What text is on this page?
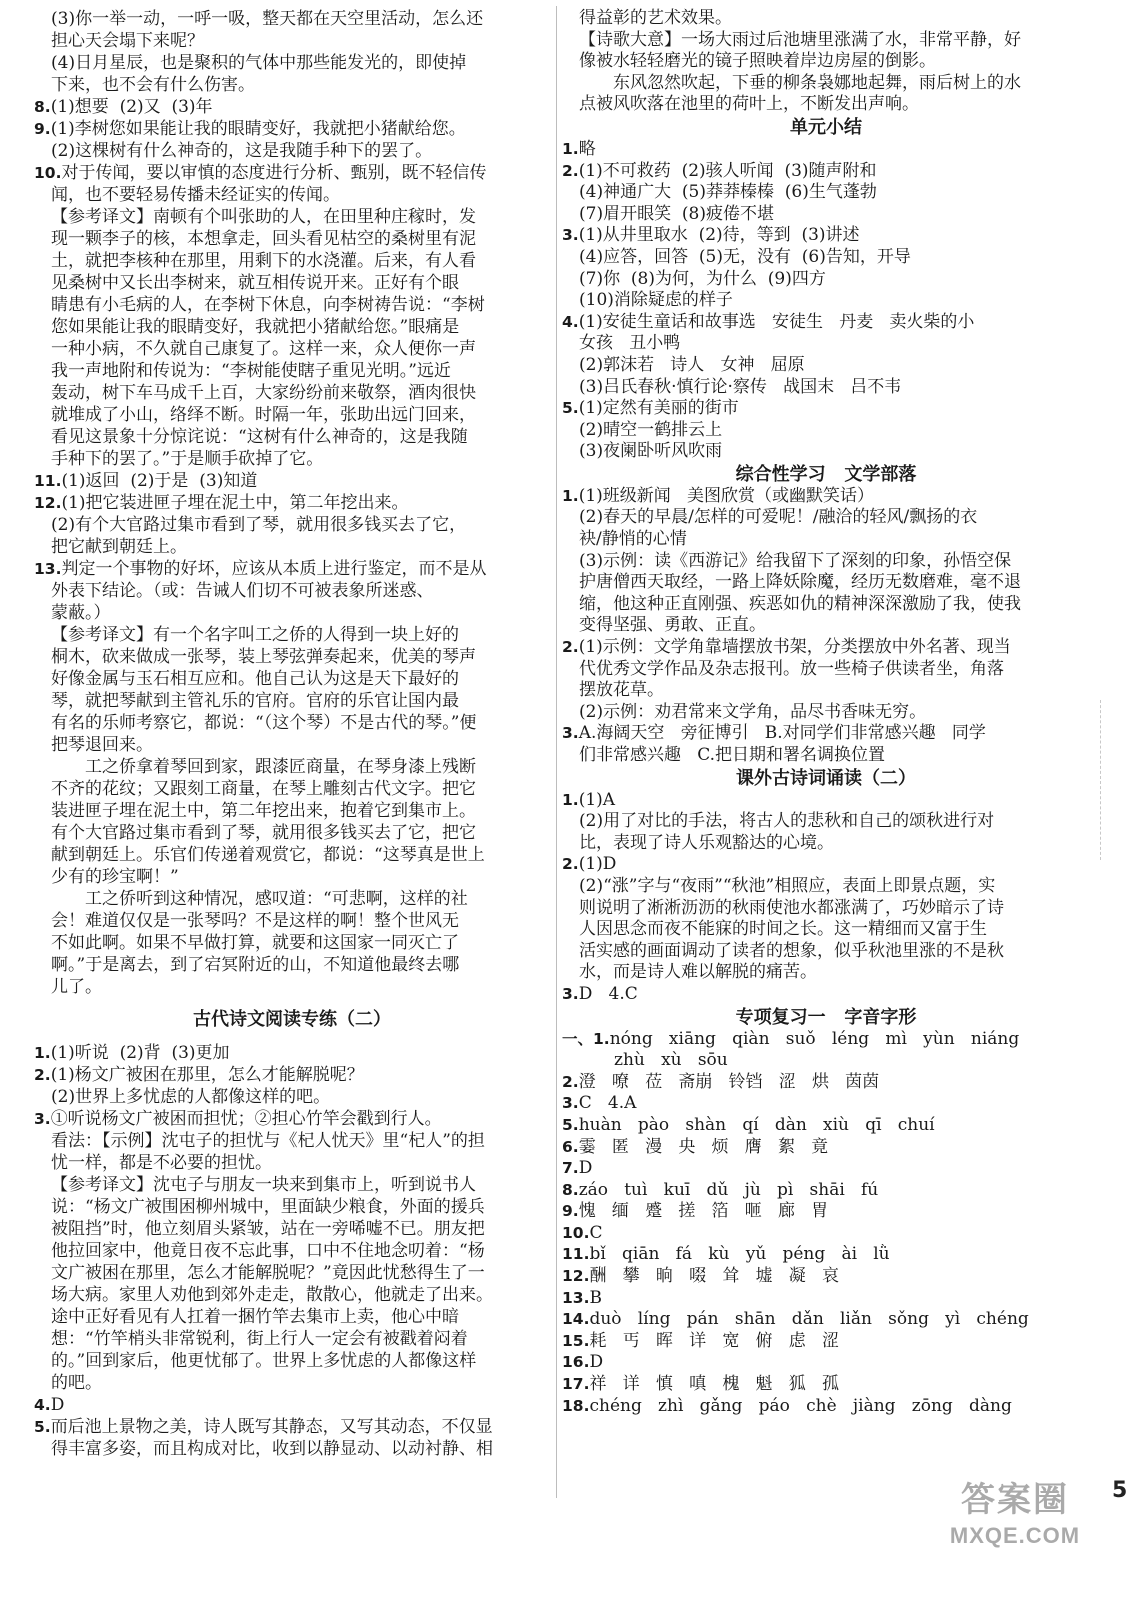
(3)你一举一动，一呼一吸，整天都在天空里活动，怎么还
担心天会塌下来呢？
(4)日月星辰，也是聚积的气体中那些能发光的，即使掉
下来，也不会有什么伤害。
8.(1)想要  (2)又  (3)年
9.(1)李树您如果能让我的眼睛变好，我就把小猪献给您。
(2)这棵树有什么神奇的，这是我随手种下的罢了。
10.对于传闻，要以审慎的态度进行分析、甄别，既不轻信传
闻，也不要轻易传播未经证实的传闻。
【参考译文】南顿有个叫张助的人，在田里种庄稼时，发
现一颗李子的核，本想拿走，回头看见枯空的桑树里有泥
土，就把李核种在那里，用剩下的水浇灌。后来，有人看
见桑树中又长出李树来，就互相传说开来。正好有个眼
睛患有小毛病的人，在李树下休息，向李树祷告说：“李树
您如果能让我的眼睛变好，我就把小猪献给您。”眼痛是
一种小病，不久就自己康复了。这样一来，众人便你一声
我一声地附和传说为：“李树能使瞎子重见光明。”远近
轰动，树下车马成千上百，大家纷纷前来敬祭，酒肉很快
就堆成了小山，络绎不断。时隔一年，张助出远门回来，
看见这景象十分惊诧说：“这树有什么神奇的，这是我随
手种下的罢了。”于是顺手砍掉了它。
11.(1)返回  (2)于是  (3)知道
12.(1)把它装进匣子埋在泥土中，第二年挖出来。
(2)有个大官路过集市看到了琴，就用很多钱买去了它，
把它献到朝廷上。
13.判定一个事物的好坏，应该从本质上进行鉴定，而不是从
外表下结论。（或：告诫人们切不可被表象所迷惑、
蒙蔽。）
【参考译文】有一个名字叫工之侨的人得到一块上好的
桐木，砍来做成一张琴，装上琴弦弹奏起来，优美的琴声
好像金属与玉石相互应和。他自己认为这是天下最好的
琴，就把琴献到主管礼乐的官府。官府的乐官让国内最
有名的乐师考察它，都说：“（这个琴）不是古代的琴。”便
把琴退回来。
工之侨拿着琴回到家，跟漆匠商量，在琴身漆上残断
不齐的花纹；又跟刻工商量，在琴上雕刻古代文字。把它
装进匣子埋在泥土中，第二年挖出来，抱着它到集市上。
有个大官路过集市看到了琴，就用很多钱买去了它，把它
献到朝廷上。乐官们传递着观赏它，都说：“这琴真是世上
少有的珍宝啊！”
工之侨听到这种情况，感叹道：“可悲啊，这样的社
会！难道仅仅是一张琴吗？不是这样的啊！整个世风无
不如此啊。如果不早做打算，就要和这国家一同灭亡了
啊。”于是离去，到了宕冥附近的山，不知道他最终去哪
儿了。
古代诗文阅读专练（二）
1.(1)听说  (2)背  (3)更加
2.(1)杨文广被困在那里，怎么才能解脱呢？
(2)世界上多忧虑的人都像这样的吧。
3.①听说杨文广被困而担忧；②担心竹竿会戳到行人。
看法：【示例】沈屯子的担忧与《杞人忧天》里“杞人”的担
忧一样，都是不必要的担忧。
【参考译文】沈屯子与朋友一块来到集市上，听到说书人
说：“杨文广被围困柳州城中，里面缺少粮食，外面的援兵
被阻挡”时，他立刻眉头紧皱，站在一旁唏嘘不已。朋友把
他拉回家中，他竟日夜不忘此事，口中不住地念叨着：“杨
文广被困在那里，怎么才能解脱呢？”竟因此忧愁得生了一
场大病。家里人劝他到郊外走走，散散心，他就走了出来。
途中正好看见有人扛着一捆竹竿去集市上卖，他心中暗
想：“竹竿梢头非常锐利，街上行人一定会有被戳着闷着
的。”回到家后，他更忧郁了。世界上多忧虑的人都像这样
的吧。
4.D
5.而后池上景物之美，诗人既写其静态，又写其动态，不仅显
得丰富多姿，而且构成对比，收到以静显动、以动衬静、相
得益彰的艺术效果。
【诗歌大意】一场大雨过后池塘里涨满了水，非常平静，好
像被水轻轻磨光的镜子照映着岸边房屋的倒影。
东风忽然吹起，下垂的柳条袅娜地起舞，雨后树上的水
点被风吹落在池里的荷叶上，不断发出声响。
单元小结
1.略
2.(1)不可救药  (2)骇人听闻  (3)随声附和
(4)神通广大  (5)莽莽榛榛  (6)生气蓬勃
(7)眉开眼笑  (8)疲倦不堪
3.(1)从井里取水  (2)待，等到  (3)讲述
(4)应答，回答  (5)无，没有  (6)告知，开导
(7)你  (8)为何，为什么  (9)四方
(10)消除疑虑的样子
4.(1)安徒生童话和故事选   安徒生   丹麦   卖火柴的小
女孩   丑小鸭
(2)郭沫若   诗人   女神   屈原
(3)吕氏春秋·慎行论·察传   战国末   吕不韦
5.(1)定然有美丽的街市
(2)晴空一鹤排云上
(3)夜阑卧听风吹雨
综合性学习   文学部落
1.(1)班级新闻   美图欣赏（或幽默笑话）
(2)春天的早晨/怎样的可爱呢！/融洽的轻风/飘扬的衣
袂/静悄的心情
(3)示例：读《西游记》给我留下了深刻的印象，孙悟空保
护唐僧西天取经，一路上降妖除魔，经历无数磨难，毫不退
缩，他这种正直刚强、疾恶如仇的精神深深激励了我，使我
变得坚强、勇敢、正直。
2.(1)示例：文学角靠墙摆放书架，分类摆放中外名著、现当
代优秀文学作品及杂志报刊。放一些椅子供读者坐，角落
摆放花草。
(2)示例：劝君常来文学角，品尽书香味无穷。
3.A.海阔天空   旁征博引   B.对同学们非常感兴趣   同学
们非常感兴趣   C.把日期和署名调换位置
课外古诗词诵读（二）
1.(1)A
(2)用了对比的手法，将古人的悲秋和自己的颂秋进行对
比，表现了诗人乐观豁达的心境。
2.(1)D
(2)“涨”字与“夜雨”“秋池”相照应，表面上即景点题，实
则说明了淅淅沥沥的秋雨使池水都涨满了，巧妙暗示了诗
人因思念而夜不能寐的时间之长。这一精细而又富于生
活实感的画面调动了读者的想象，似乎秋池里涨的不是秋
水，而是诗人难以解脱的痛苦。
3.D   4.C
专项复习一   字音字形
一、1.nóng   xiāng   qiàn   suǒ   léng   mì   yùn   niáng
zhù   xù   sōu
2.澄   嘹   莅   斋崩   铃铛   涩   烘   茵茵
3.C   4.A
5.huàn   pào   shàn   qí   dàn   xiù   qī   chuí
6.霎   匿   漫   央   烦   膺   絮   竟
7.D
8.záo   tuì   kuī   dǔ   jù   pì   shāi   fú
9.愧   缅   蹙   搓   箔   咂   廊   胃
10.C
11.bǐ   qiān   fá   kù   yǔ   péng   ài   lǜ
12.酬   攀   晌   啜   耸   墟   凝   哀
13.B
14.duò   líng   pán   shān   dǎn   liǎn   sǒng   yì   chéng
15.耗   丐   晖   详   宽   俯   虑   涩
16.D
17.祥   详   慎   嗔   槐   魁   狐   孤
18.chéng   zhì   gǎng   páo   chè   jiàng   zōng   dàng
5
答案圈
MXQE.COM
